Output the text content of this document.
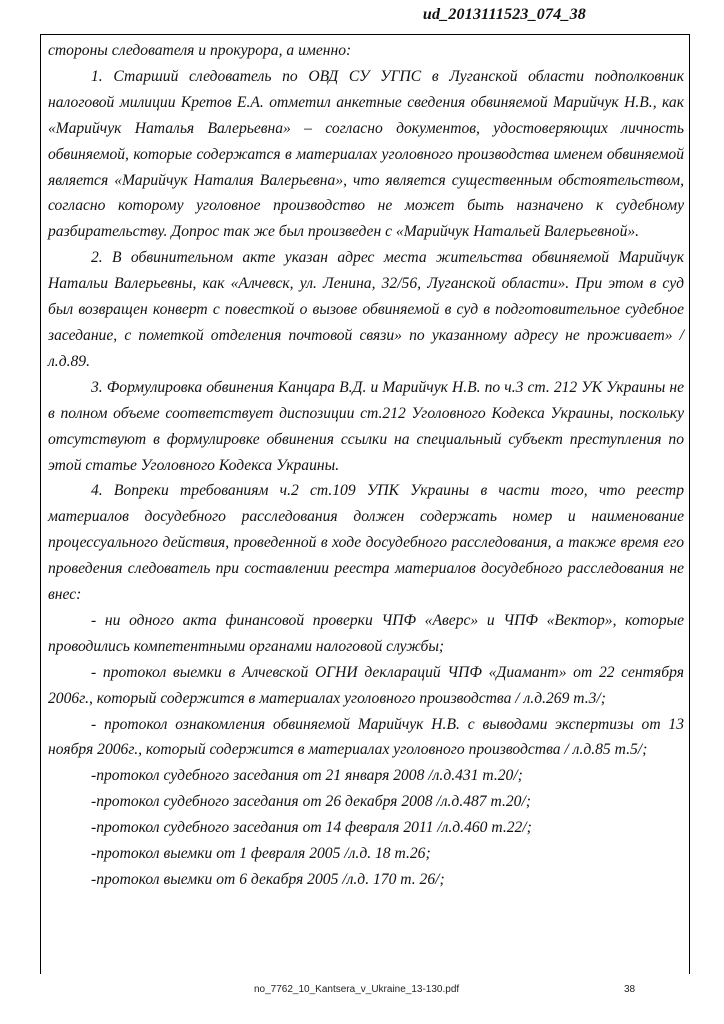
ud_2013111523_074_38

стороны следователя и прокурора, а именно:

1. Старший следователь по ОВД СУ УГПС в Луганской области подполковник налоговой милиции Кретов Е.А. отметил анкетные сведения обвиняемой Марийчук Н.В., как «Марийчук Наталья Валерьевна» – согласно документов, удостоверяющих личность обвиняемой, которые содержатся в материалах уголовного производства именем обвиняемой является «Марийчук Наталия Валерьевна», что является существенным обстоятельством, согласно которому уголовное производство не может быть назначено к судебному разбирательству. Допрос так же был произведен с «Марийчук Натальей Валерьевной».

2. В обвинительном акте указан адрес места жительства обвиняемой Марийчук Натальи Валерьевны, как «Алчевск, ул. Ленина, 32/56, Луганской области». При этом в суд был возвращен конверт с повесткой о вызове обвиняемой в суд в подготовительное судебное заседание, с пометкой отделения почтовой связи» по указанному адресу не проживает» /л.д.89.

3. Формулировка обвинения Канцара В.Д. и Марийчук Н.В. по ч.3 ст. 212 УК Украины не в полном объеме соответствует диспозиции ст.212 Уголовного Кодекса Украины, поскольку отсутствуют в формулировке обвинения ссылки на специальный субъект преступления по этой статье Уголовного Кодекса Украины.

4. Вопреки требованиям ч.2 ст.109 УПК Украины в части того, что реестр материалов досудебного расследования должен содержать номер и наименование процессуального действия, проведенной в ходе досудебного расследования, а также время его проведения следователь при составлении реестра материалов досудебного расследования не внес:

- ни одного акта финансовой проверки ЧПФ «Аверс» и ЧПФ «Вектор», которые проводились компетентными органами налоговой службы;

- протокол выемки в Алчевской ОГНИ деклараций ЧПФ «Диамант» от 22 сентября 2006г., который содержится в материалах уголовного производства / л.д.269 т.3/;

- протокол ознакомления обвиняемой Марийчук Н.В. с выводами экспертизы от 13 ноября 2006г., который содержится в материалах уголовного производства / л.д.85 т.5/;

-протокол судебного заседания от 21 января 2008 /л.д.431 т.20/;

-протокол судебного заседания от 26 декабря 2008 /л.д.487 т.20/;

-протокол судебного заседания от 14 февраля 2011 /л.д.460 т.22/;

-протокол выемки от 1 февраля 2005 /л.д. 18 т.26;

-протокол выемки от 6 декабря 2005 /л.д. 170 т. 26/;

no_7762_10_Kantsera_v_Ukraine_13-130.pdf	38
